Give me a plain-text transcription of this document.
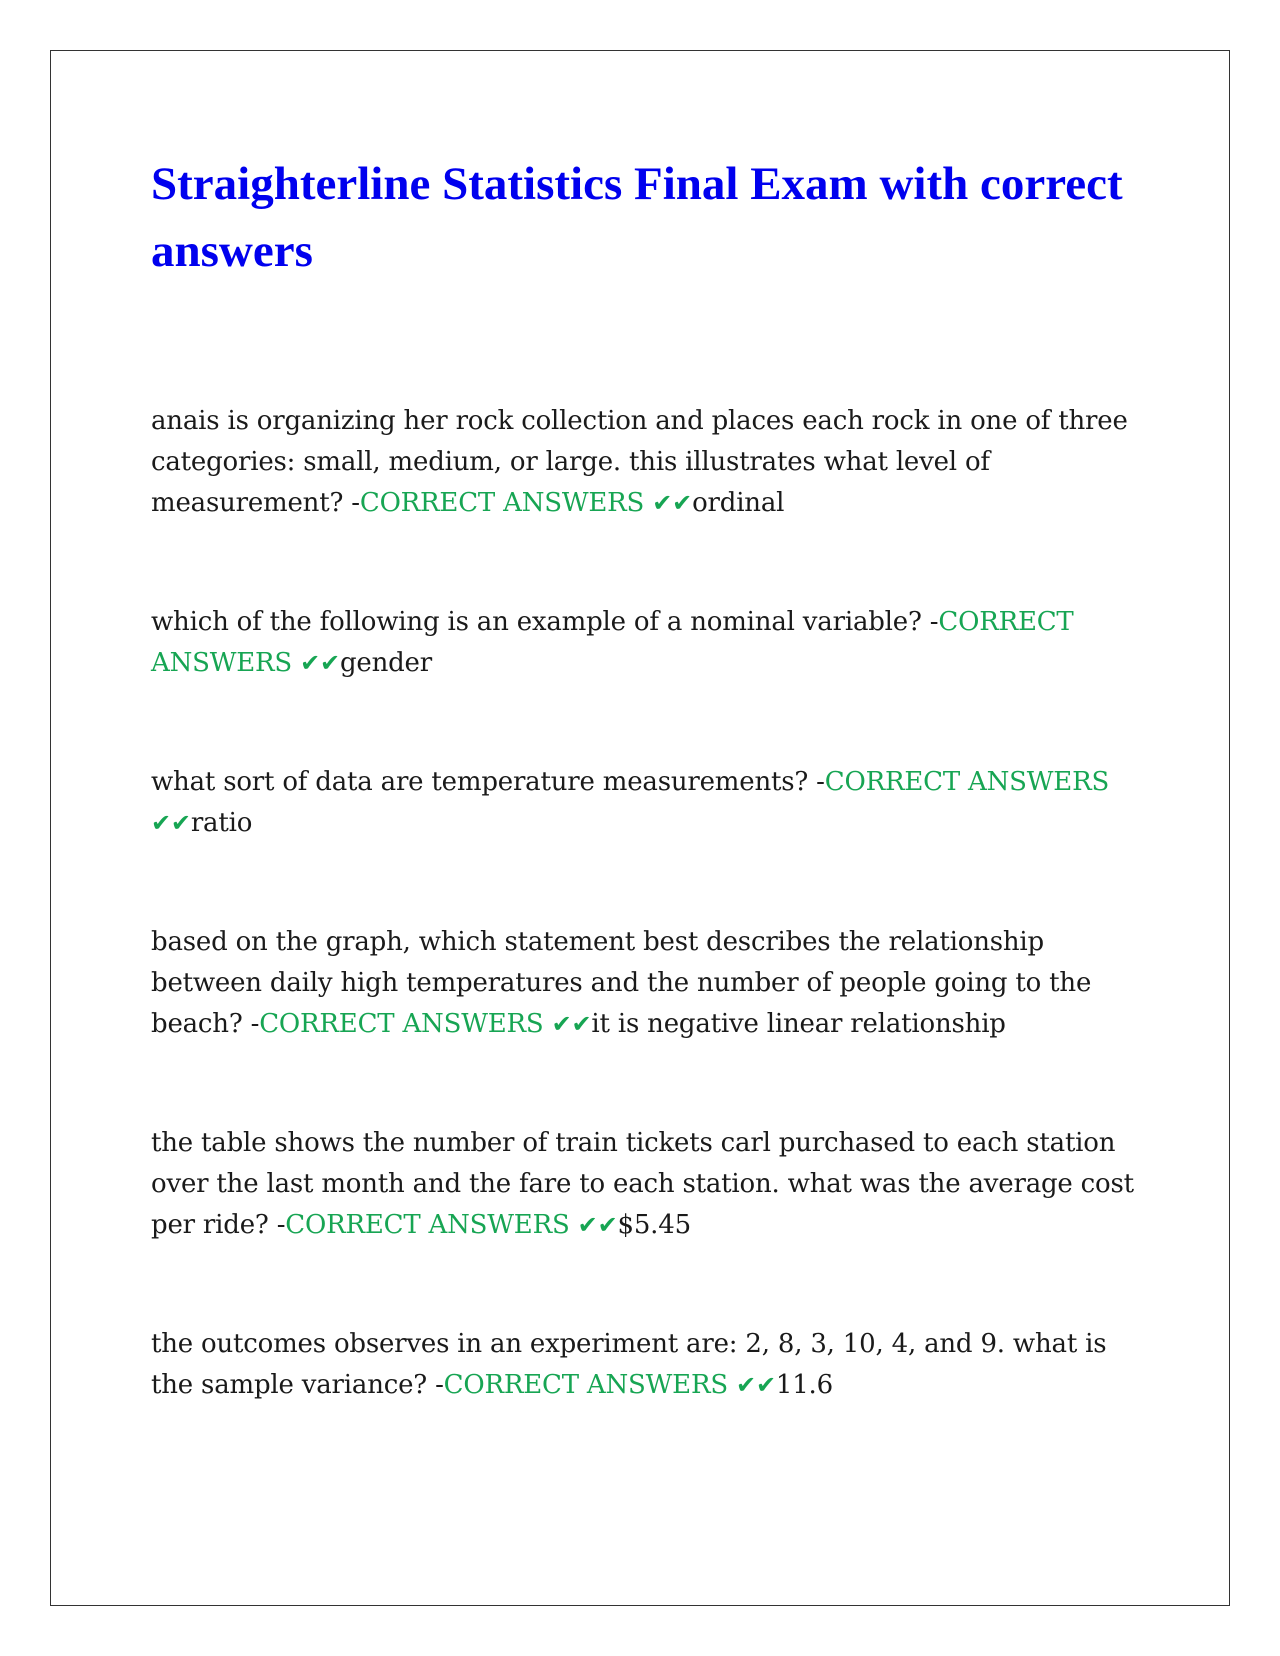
Straighterline Statistics Final Exam with correct answers

anais is organizing her rock collection and places each rock in one of three categories: small, medium, or large. this illustrates what level of measurement? -CORRECT ANSWERS ✔✔ordinal

which of the following is an example of a nominal variable? -CORRECT ANSWERS ✔✔gender

what sort of data are temperature measurements? -CORRECT ANSWERS ✔✔ratio

based on the graph, which statement best describes the relationship between daily high temperatures and the number of people going to the beach? -CORRECT ANSWERS ✔✔it is negative linear relationship

the table shows the number of train tickets carl purchased to each station over the last month and the fare to each station. what was the average cost per ride? -CORRECT ANSWERS ✔✔$5.45

the outcomes observes in an experiment are: 2, 8, 3, 10, 4, and 9. what is the sample variance? -CORRECT ANSWERS ✔✔11.6
